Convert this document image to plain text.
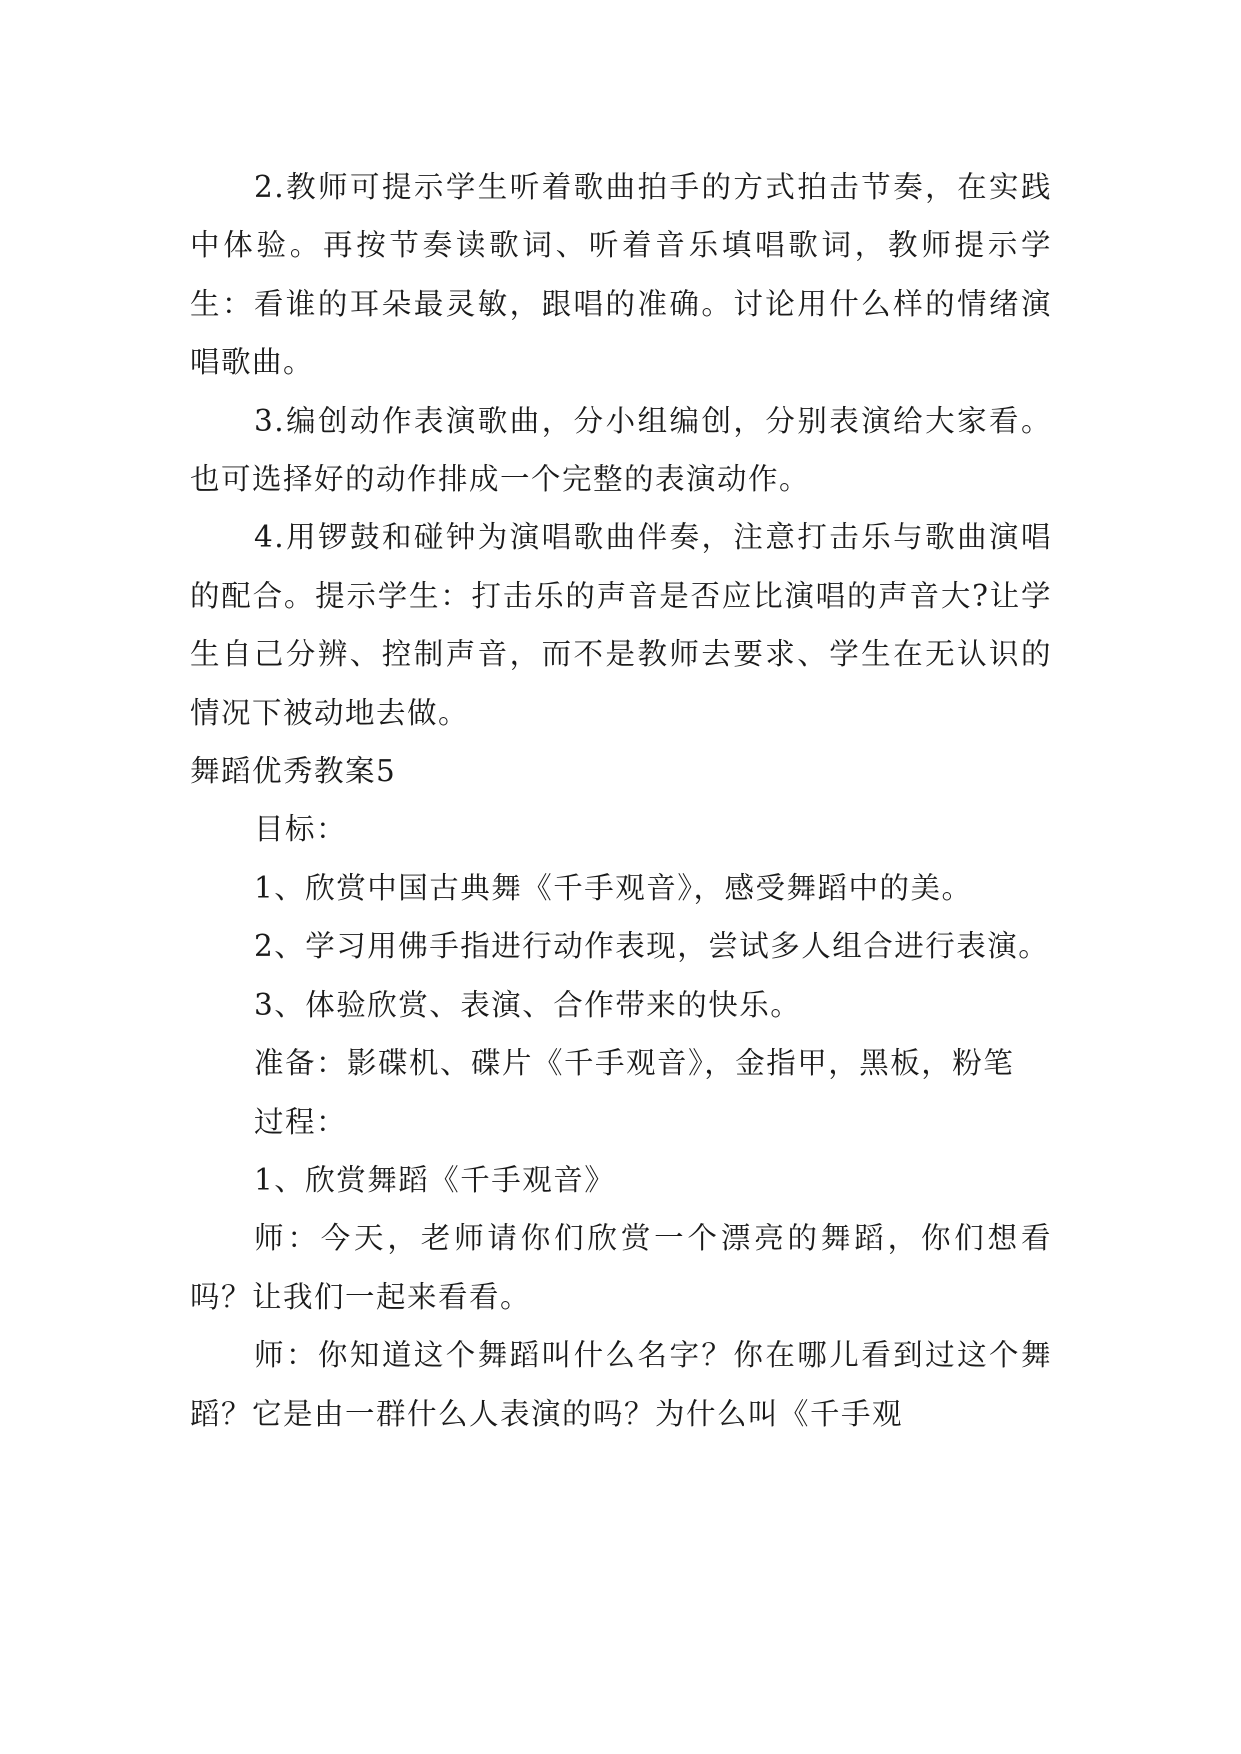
2.教师可提示学生听着歌曲拍手的方式拍击节奏，在实践中体验。再按节奏读歌词、听着音乐填唱歌词，教师提示学生：看谁的耳朵最灵敏，跟唱的准确。讨论用什么样的情绪演唱歌曲。

3.编创动作表演歌曲，分小组编创，分别表演给大家看。也可选择好的动作排成一个完整的表演动作。

4.用锣鼓和碰钟为演唱歌曲伴奏，注意打击乐与歌曲演唱的配合。提示学生：打击乐的声音是否应比演唱的声音大?让学生自己分辨、控制声音，而不是教师去要求、学生在无认识的情况下被动地去做。

舞蹈优秀教案5

目标：

1、欣赏中国古典舞《千手观音》，感受舞蹈中的美。

2、学习用佛手指进行动作表现，尝试多人组合进行表演。

3、体验欣赏、表演、合作带来的快乐。

准备：影碟机、碟片《千手观音》，金指甲，黑板，粉笔

过程：

1、欣赏舞蹈《千手观音》

师：今天，老师请你们欣赏一个漂亮的舞蹈，你们想看吗？让我们一起来看看。

师：你知道这个舞蹈叫什么名字？你在哪儿看到过这个舞蹈？它是由一群什么人表演的吗？为什么叫《千手观
